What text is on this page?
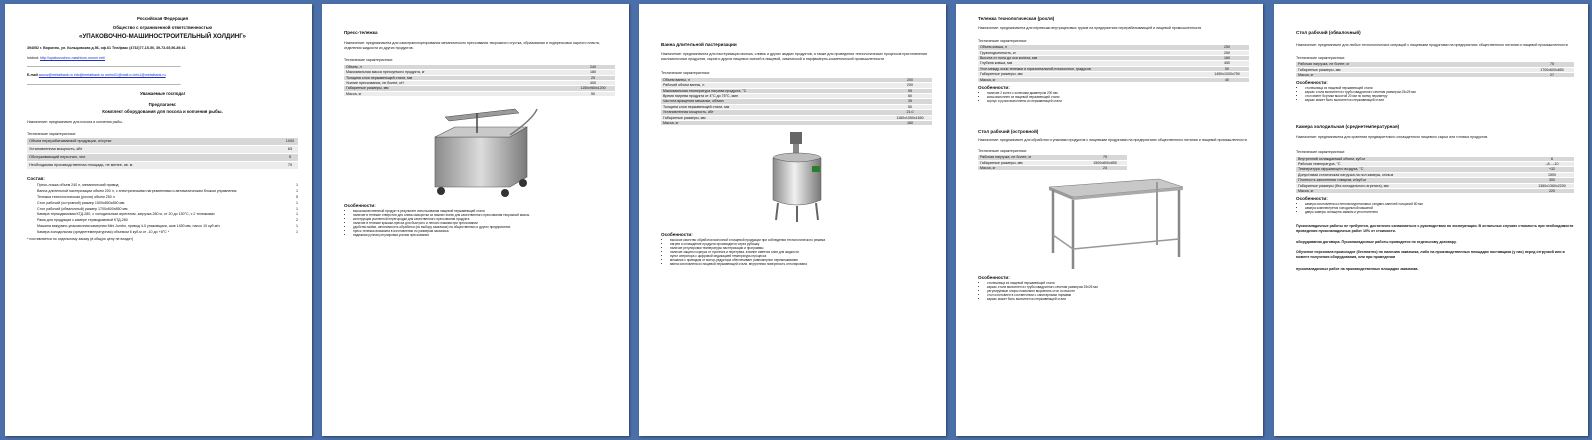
Российская Федерация
Общество с ограниченной ответственностью
«УПАКОВОЧНО-МАШИНОСТРОИТЕЛЬНЫЙ ХОЛДИНГ»
394052 г. Воронеж, ул. Кольцовская д.56, оф.61 Тел/факс (4732)77-15-50, 39-73-65,56-89-61
Intdmd: http://upakovochno-mashinos.nurom.net/
———————————————————————————————————
E-mail aocov@metalbank.ru info@metalbank.ru umhu01@mail.ru info1@metalbank.ru
———————————————————————————————————
Уважаемые господа!
Предлагаем:
Комплект оборудования для посола и копчения рыбы.
Назначение: предназначен для посола и копчения рыбы.
Технические характеристики:
Объем перерабатываемой продукции, кг/сутки	1000
Установленная мощность, кВт	63
Обслуживающий персонал, чел.	5
Необходимая производственная площадь, не менее, кв. м	70
Состав:
Пресс-ложка объем 240 л, механический привод	1
Ванна длительной пастеризации объем 200 л, с электрическими нагревателями и автоматическим блоком управления	1
Тележка технологическая (рохля) объем 250 л	5
Стол рабочий (островной) размер 1500х850х850 мм	1
Стол рабочий (обвалочный) размер 1700х600х850 мм	1
Камера термодымовая КТД-280, с холодильным агрегатом, загрузка 280 кг, от 20 до 150°С, с 2 тележками	1
Рама для продукции к камере термодымовой КТД-280	2
Машина вакуумно-упаковочная камерная Mini Jumbo, привод 4-0 упаковщики, шов 1450 мм, насос 10 куб.м/ч	1
Камера холодильная (среднетемпературная) объемом 6 куб.м от -10 до +8°С *	1
* поставляется по отдельному заказу (в общую цену не входит)
Пресс-тележка
Назначение: предназначена для самотранспортирования механического прессования творожного сгустка, образования и подпрессовки сырного пласта, отделения жидкости из других продуктов.
Технические характеристики:
Объем, л	240
Максимальная масса прессуемого продукта, кг	180
Толщина слоя нержавеющей стали, мм	25
Усилие прессования, не более, кН	400
Габаритные размеры, мм	1150x980x1200
Масса, кг	50
Особенности:
• высококачественный продукт в результате использования пищевой нержавеющей стали
• наличие в тележке отверстия для слива сыворотки из нижних ячеек для качественного прессования творожной массы
• конструкция усиленной перегородки для качественного прессования продукта
• наличие в тележке крышки-пресса для быстрого и легкого нажима при прессовании
• удобство мойки, автономность обработки (по выбору заказчика) на общественных и других предприятиях
• пресс-тележка возможна в изготовлении по размерам заказчика
• надежная ручная регулировка усилия прессования
Ванна длительной пастеризации
Назначение: предназначена для пастеризации молока, сливок и других жидких продуктов, а также для проведения технологических процессов приготовления кисломолочных продуктов, сыров и других пищевых смесей в пищевой, химической и парфюмерно-косметической промышленности
Технические характеристики:
Объем ванны, л	200
Рабочий объем ванны, л	200
Максимальная температура нагрева продукта, °С	95
Время нагрева продукта от 4°С до 75°С, мин	60
Частота вращения мешалки, об/мин	35
Толщина слоя нержавеющей стали, мм	50
Установленная мощность, кВт	21.0
Габаритные размеры, мм	1180x1050x1650
Масса, кг	160
Особенности:
• высокое качество обработки молочной и пищевой продукции при соблюдении технологического режима
• нагрев и охлаждение продукта производятся через рубашку
• наличие регулировки температуры пастеризации и программы
• наличие защиты корпуса от протечек и перегрева, в ванне имеется слив для жидкости
• пульт оператора с цифровой индикацией температуры процесса
• мешалка с приводом от мотор-редуктора обеспечивает равномерное перемешивание
• ванна изготовлена из пищевой нержавеющей стали, внутренняя поверхность отполирована
Тележка технологическая (рохля)
Назначение: предназначена для перевозки внутрицеховых грузов на предприятиях перерабатывающей и пищевой промышленности
Технические характеристики:
Объем ковша, л	250
Грузоподъемность, кг	250
Высота от пола до оси колеса, мм	160
Глубина ковша, мм	450
Угол между осью тележки и горизонтальной плоскостью, градусов	50
Габаритные размеры, мм	1450х1000х750
Масса, кг	40
Особенности:
• наличие 2 колес с колесами диаметром 200 мм
• ковш выполнен из пищевой нержавеющей стали
• корпус и ручки выполнены из нержавеющей стали
Стол рабочий (островной)
Назначение: предназначен для обработки и упаковки продуктов с пищевыми продуктами на предприятиях общественного питания и пищевой промышленности
Технические характеристики:
Рабочая нагрузка, не более, кг	75
Габаритные размеры, мм	1500х800х850
Масса, кг	24
Особенности:
• столешница из пищевой нержавеющей стали
• каркас стола выполнен из трубы квадратного сечения размером 25x25 мм
• регулируемые опоры позволяют выровнять стол по высоте
• стол изготовлен в соответствии с санитарными нормами
• каркас может быть выполнен из нержавеющей стали
Стол рабочий (обвалочный)
Назначение: предназначен для любых технологических операций с пищевыми продуктами на предприятиях общественного питания и пищевой промышленности
Технические характеристики:
Рабочая нагрузка, не более, кг	75
Габаритные размеры, мм	1700х600х850
Масса, кг	27
Особенности:
• столешница из пищевой нержавеющей стали
• каркас стола выполнен из трубы квадратного сечения размером 25x25 мм
• стол имеет бортики высотой 20 мм по всему периметру
• каркас может быть выполнен из нержавеющей стали
Камера холодильная (среднетемпературная)
Назначение: предназначена для хранения предварительно охлажденного пищевого сырья или готовых продуктов.
Технические характеристики:
Внутренний охлаждаемый объем, куб.м	6
Рабочая температура, °С	–8...–10
Температура окружающего воздуха, °С	+32
Допустимая статическая нагрузка на пол камеры, кг/кв.м	1500
Плотность заполнения товаром, кг/куб.м	300
Габаритные размеры (без холодильного агрегата), мм	1360х1360х2200
Масса, кг	220
Особенности:
• камера изготовлена из пенополиуретановых сэндвич-панелей толщиной 80 мм
• камера комплектуется холодильной машиной
• дверь камеры оснащена замком и уплотнителем
Пусконаладочные работы не требуются, достаточно ознакомиться с руководством по эксплуатации. В остальных случаях стоимость при необходимости проведения пусконаладочных работ 10% от стоимости.
оборудования договора. Пусконаладочные работы проводятся по отдельному договору.
Обучение персонала происходит (бесплатно) по наличию заказчика, либо на производственных площадях поставщика (у нас) перед отгрузкой или в момент получения оборудования, или при проведении
пусконаладочных работ на производственных площадях заказчика.
